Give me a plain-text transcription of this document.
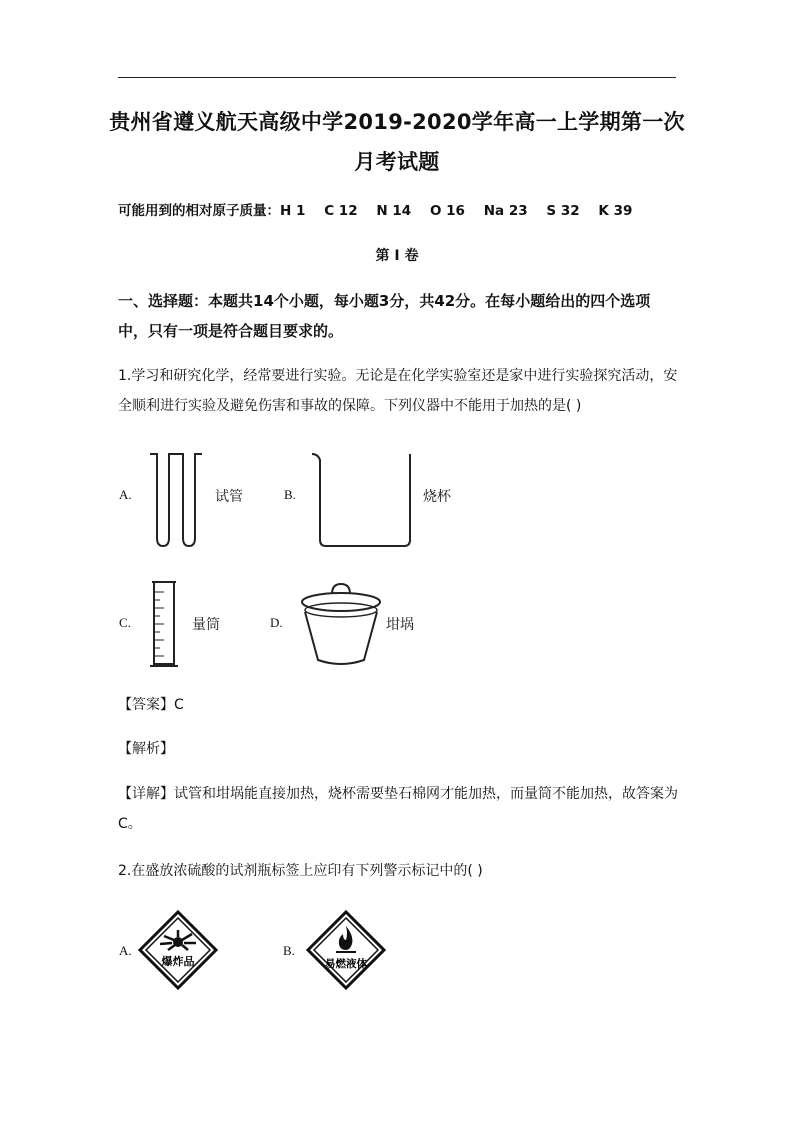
贵州省遵义航天高级中学2019-2020学年高一上学期第一次
月考试题
可能用到的相对原子质量：H 1    C 12    N 14    O 16    Na 23    S 32    K 39
第 I 卷
一、选择题：本题共14个小题，每小题3分，共42分。在每小题给出的四个选项中，只有一项是符合题目要求的。
1.学习和研究化学，经常要进行实验。无论是在化学实验室还是家中进行实验探究活动，安全顺利进行实验及避免伤害和事故的保障。下列仪器中不能用于加热的是( )
A.	试管	B.	烧杯
C.	量筒	D.	坩埚
【答案】C
【解析】
【详解】试管和坩埚能直接加热，烧杯需要垫石棉网才能加热，而量筒不能加热，故答案为C。
2.在盛放浓硫酸的试剂瓶标签上应印有下列警示标记中的( )
A.
爆炸品
B.
易燃液体
